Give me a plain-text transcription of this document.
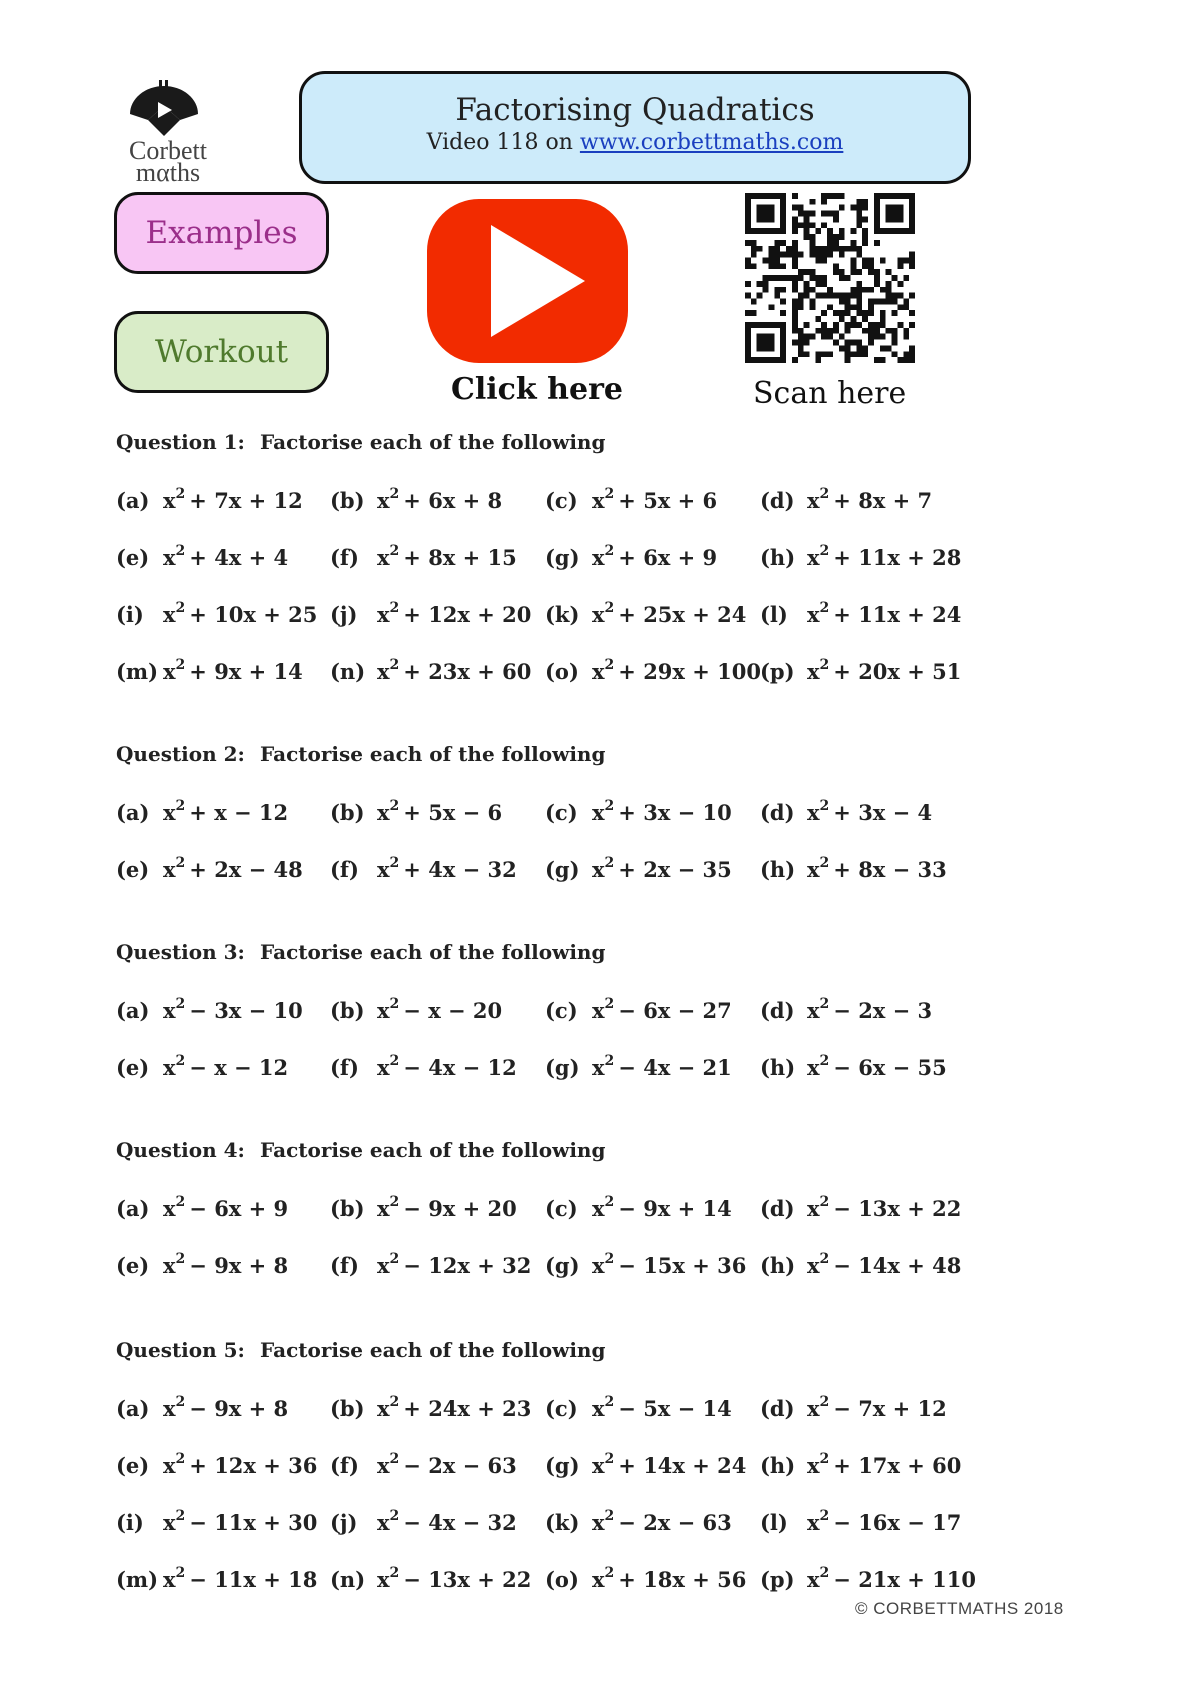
Corbett
mαths
Factorising Quadratics
Video 118 on www.corbettmaths.com
Examples
Workout
Click here	Scan here
Question 1: Factorise each of the following
(a) $x^2 + 7x + 12$ (b) $x^2 + 6x + 8$ (c) $x^2 + 5x + 6$ (d) $x^2 + 8x + 7$
(e) $x^2 + 4x + 4$ (f) $x^2 + 8x + 15$ (g) $x^2 + 6x + 9$ (h) $x^2 + 11x + 28$
(i) $x^2 + 10x + 25$ (j) $x^2 + 12x + 20$ (k) $x^2 + 25x + 24$ (l) $x^2 + 11x + 24$
(m) $x^2 + 9x + 14$ (n) $x^2 + 23x + 60$ (o) $x^2 + 29x + 100$ (p) $x^2 + 20x + 51$
Question 2: Factorise each of the following
(a) $x^2 + x - 12$ (b) $x^2 + 5x - 6$ (c) $x^2 + 3x - 10$ (d) $x^2 + 3x - 4$
(e) $x^2 + 2x - 48$ (f) $x^2 + 4x - 32$ (g) $x^2 + 2x - 35$ (h) $x^2 + 8x - 33$
Question 3: Factorise each of the following
(a) $x^2 - 3x - 10$ (b) $x^2 - x - 20$ (c) $x^2 - 6x - 27$ (d) $x^2 - 2x - 3$
(e) $x^2 - x - 12$ (f) $x^2 - 4x - 12$ (g) $x^2 - 4x - 21$ (h) $x^2 - 6x - 55$
Question 4: Factorise each of the following
(a) $x^2 - 6x + 9$ (b) $x^2 - 9x + 20$ (c) $x^2 - 9x + 14$ (d) $x^2 - 13x + 22$
(e) $x^2 - 9x + 8$ (f) $x^2 - 12x + 32$ (g) $x^2 - 15x + 36$ (h) $x^2 - 14x + 48$
Question 5: Factorise each of the following
(a) $x^2 - 9x + 8$ (b) $x^2 + 24x + 23$ (c) $x^2 - 5x - 14$ (d) $x^2 - 7x + 12$
(e) $x^2 + 12x + 36$ (f) $x^2 - 2x - 63$ (g) $x^2 + 14x + 24$ (h) $x^2 + 17x + 60$
(i) $x^2 - 11x + 30$ (j) $x^2 - 4x - 32$ (k) $x^2 - 2x - 63$ (l) $x^2 - 16x - 17$
(m) $x^2 - 11x + 18$ (n) $x^2 - 13x + 22$ (o) $x^2 + 18x + 56$ (p) $x^2 - 21x + 110$
© CORBETTMATHS 2018
